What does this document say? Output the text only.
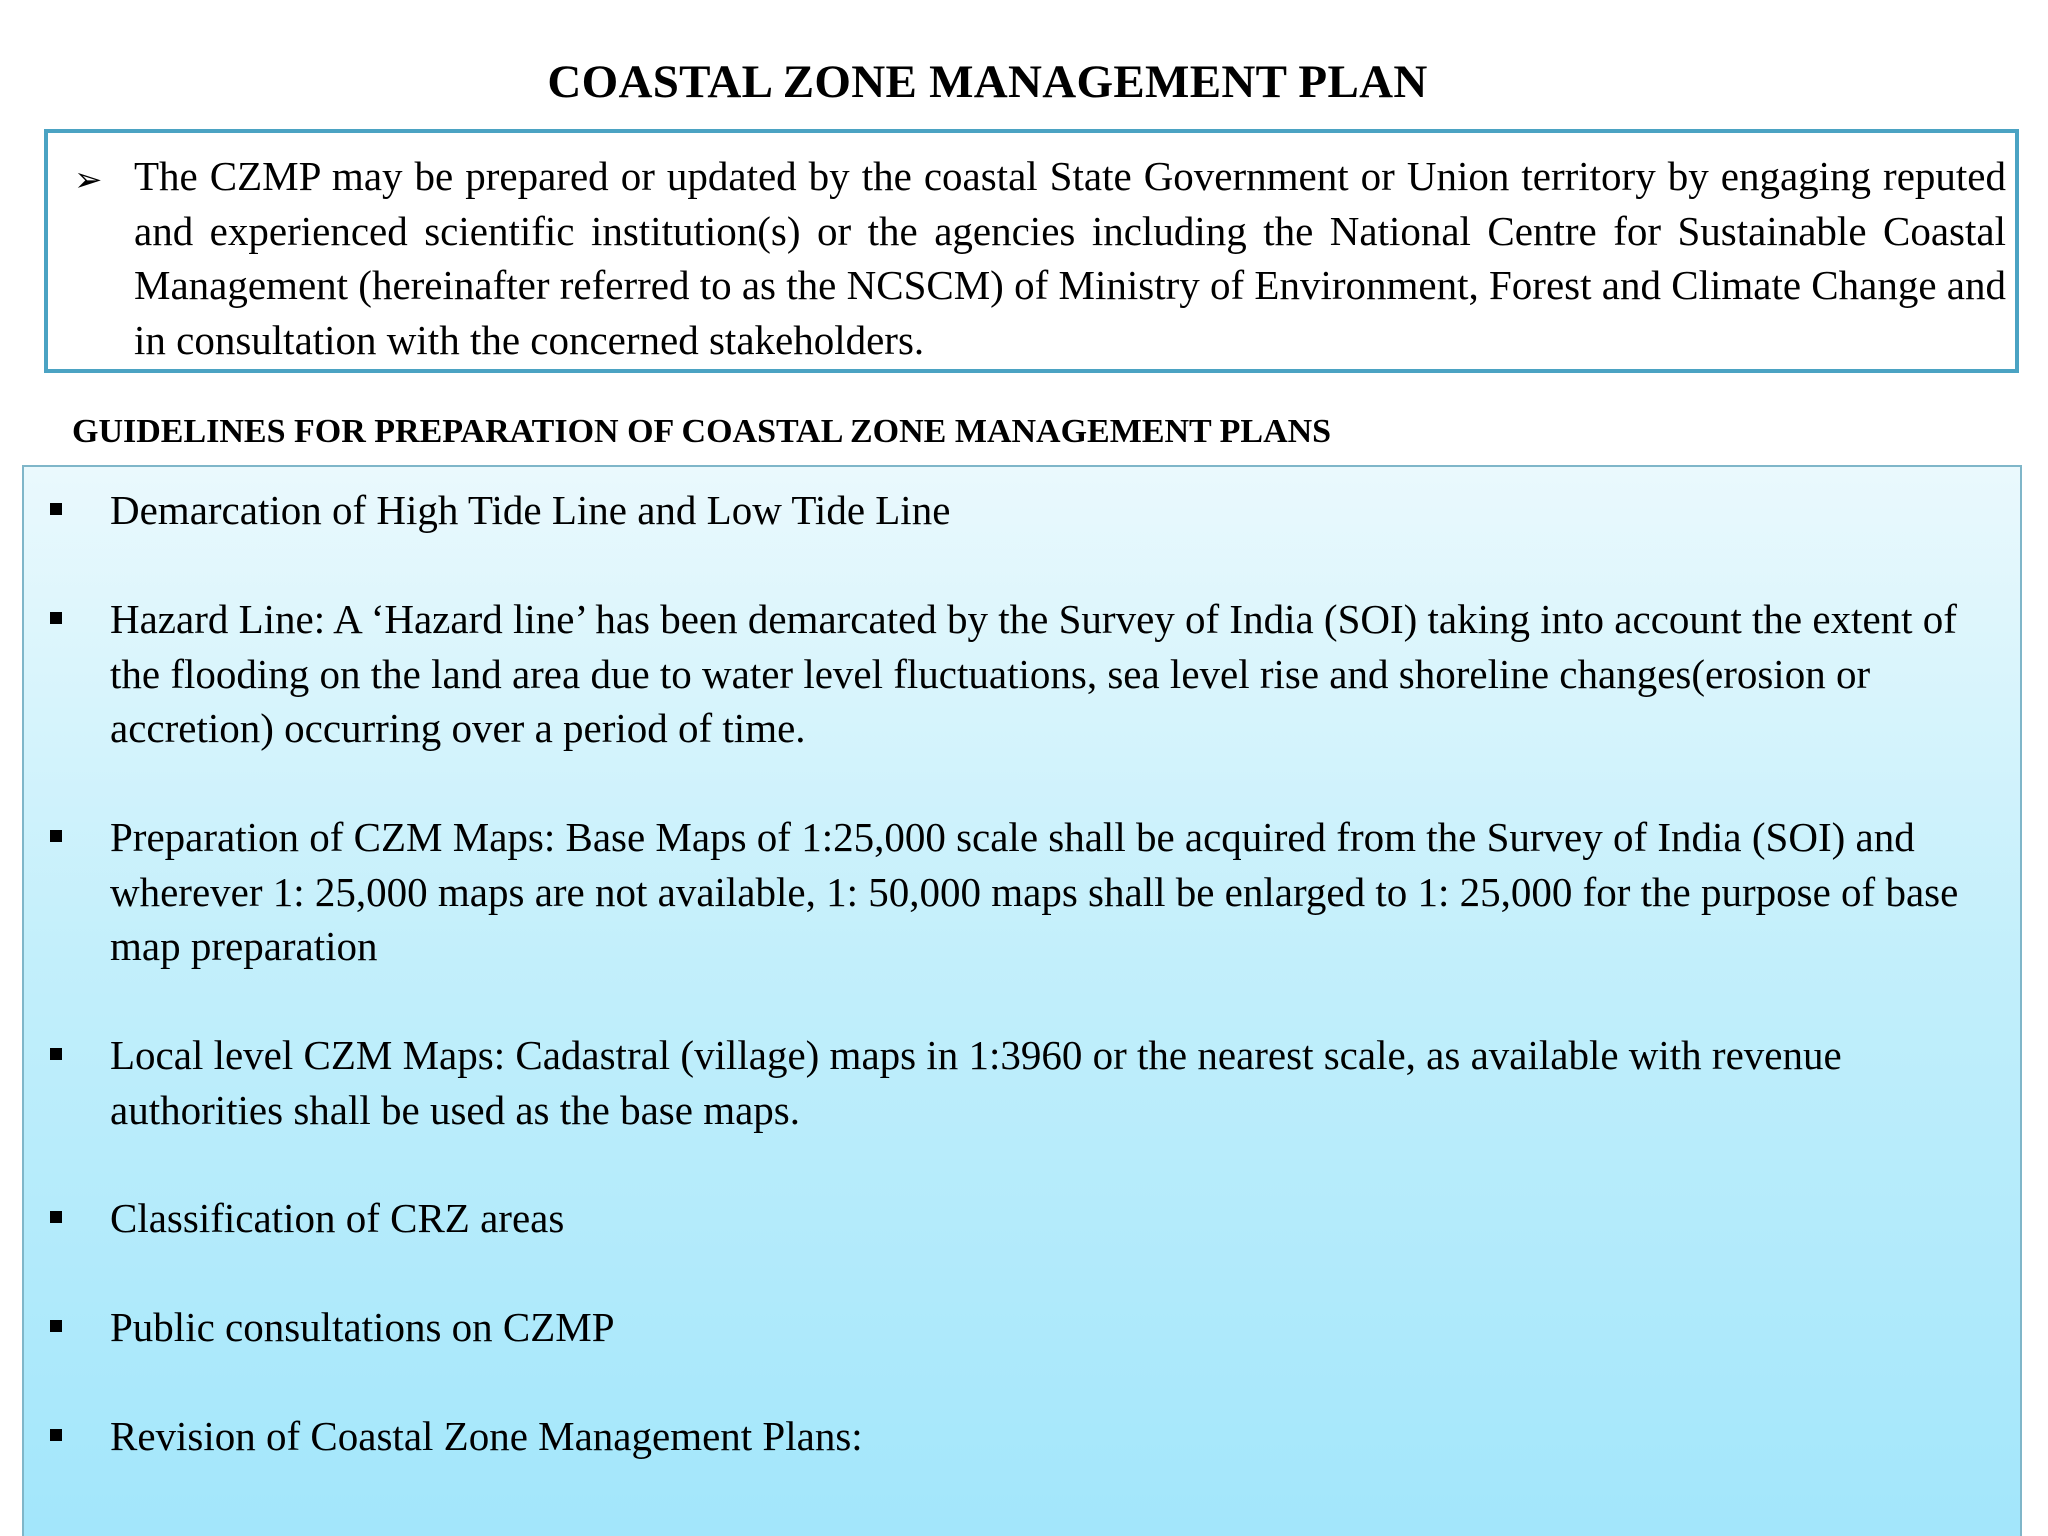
COASTAL ZONE MANAGEMENT PLAN
➢ The CZMP may be prepared or updated by the coastal State Government or Union territory by engaging reputed and experienced scientific institution(s) or the agencies including the National Centre for Sustainable Coastal Management (hereinafter referred to as the NCSCM) of Ministry of Environment, Forest and Climate Change and in consultation with the concerned stakeholders.

GUIDELINES FOR PREPARATION OF COASTAL ZONE MANAGEMENT PLANS

Demarcation of High Tide Line and Low Tide Line

Hazard Line: A ‘Hazard line’ has been demarcated by the Survey of India (SOI) taking into account the extent of the flooding on the land area due to water level fluctuations, sea level rise and shoreline changes(erosion or accretion) occurring over a period of time.

Preparation of CZM Maps: Base Maps of 1:25,000 scale shall be acquired from the Survey of India (SOI) and wherever 1: 25,000 maps are not available, 1: 50,000 maps shall be enlarged to 1: 25,000 for the purpose of base map preparation

Local level CZM Maps: Cadastral (village) maps in 1:3960 or the nearest scale, as available with revenue authorities shall be used as the base maps.

Classification of CRZ areas

Public consultations on CZMP

Revision of Coastal Zone Management Plans:
